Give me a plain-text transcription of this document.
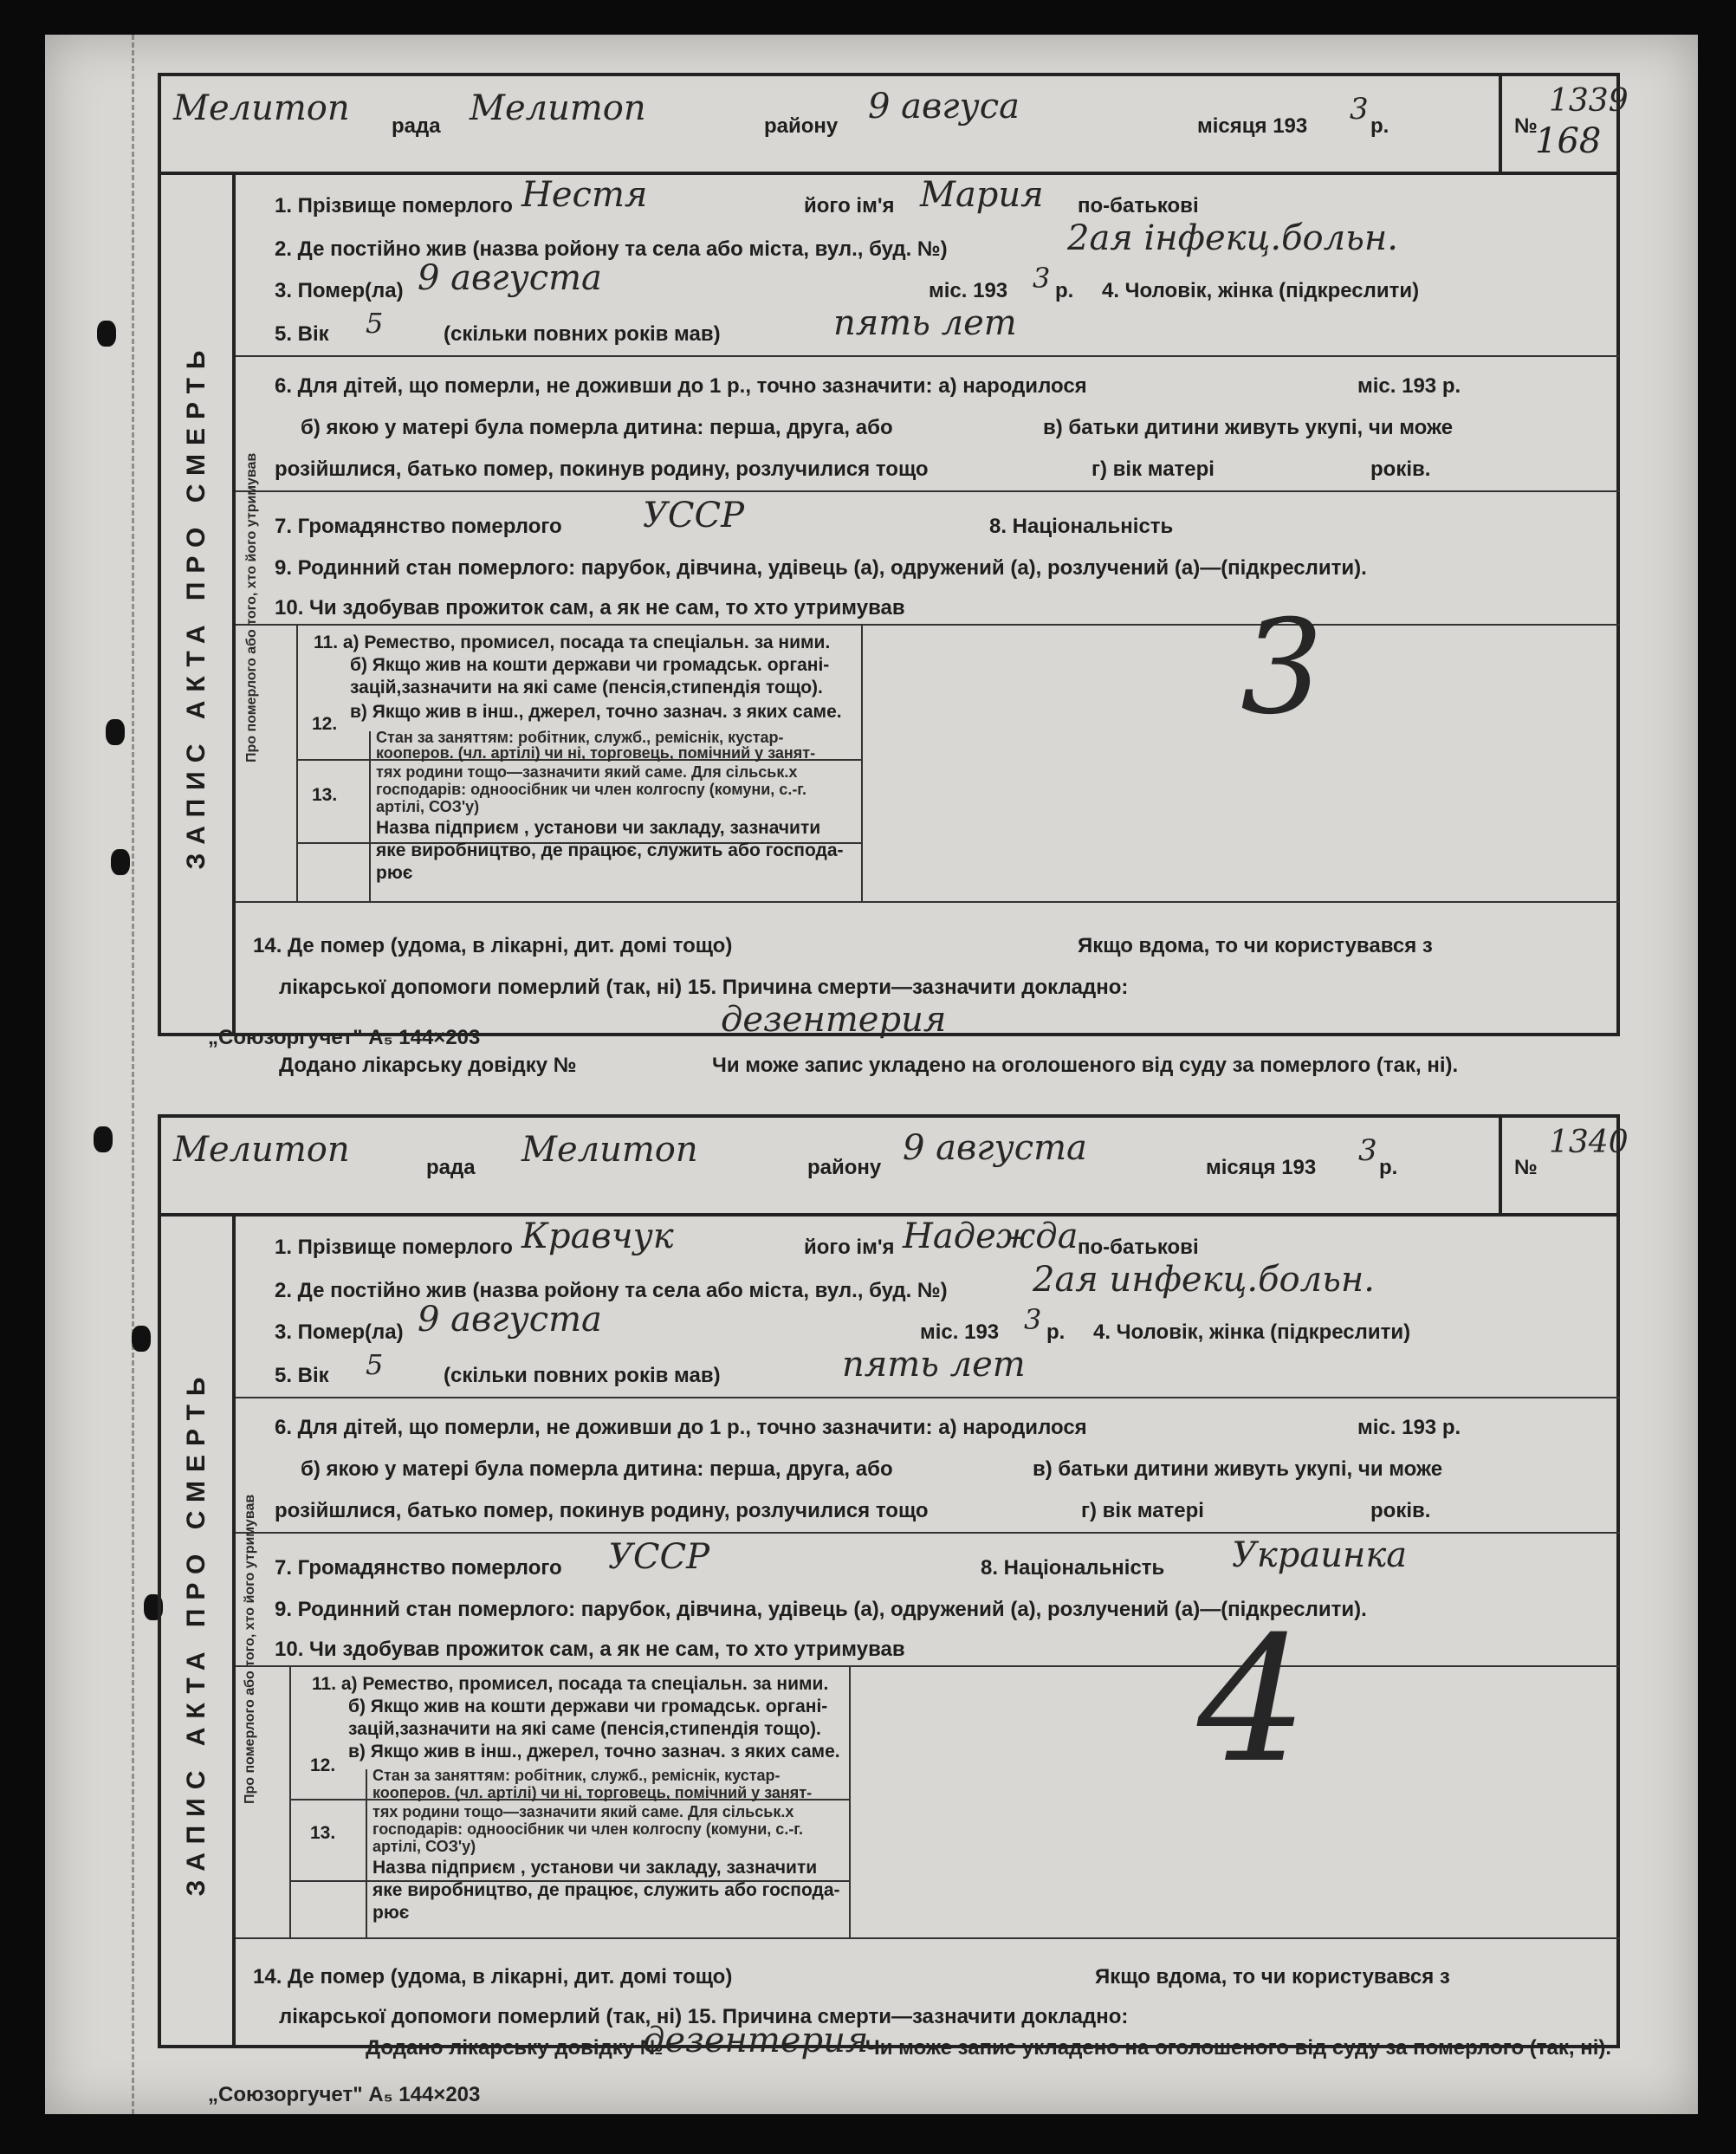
168
Мелитоп рада Мелитоп	району 9 авгуса	місяця 193 3 р.	№
1339
ЗАПИС АКТА ПРО СМЕРТЬ
1. Прізвище померлого Нестя	його ім'я Мария по-батькові
2. Де постійно жив (назва ройону та села або міста, вул., буд. №)	2ая інфекц.больн.
3. Помер(ла) 9 августа	міс. 193 3 р. 4. Чоловік, жінка (підкреслити)
5. Вік 5	(скільки повних років мав)	пять лет
6. Для дітей, що померли, не доживши до 1 р., точно зазначити: а) народилося	міс. 193 р.
б) якою у матері була померла дитина: перша, друга, або	в) батьки дитини живуть укупі, чи може
розійшлися, батько помер, покинув родину, розлучилися тощо	г) вік матері	років.
7. Громадянство померлого УССР	8. Національність
9. Родинний стан померлого: парубок, дівчина, удівець (а), одружений (а), розлучений (а)—(підкреслити).
10. Чи здобував прожиток сам, а як не сам, то хто утримував
Про померлого або того, хто його утримував	11. а) Ремество, промисел, посада та спеціальн. за ними.
б) Якщо жив на кошти держави чи громадськ. органі-
зацій,зазначити на які саме (пенсія,стипендія тощо).
в) Якщо жив в інш., джерел, точно зазнач. з яких саме.
12.
Стан за заняттям: робітник, служб., реміснік, кустар-
кооперов. (чл. артілі) чи ні, торговець, помічний у занят-
тях родини тощо—зазначити який саме. Для сільськ.х
господарів: одноосібник чи член колгоспу (комуни, с.-г.
артілі, СОЗ'у)
13.
Назва підприєм , установи чи закладу, зазначити
яке виробництво, де працює, служить або господа-
рює
3
14. Де помер (удома, в лікарні, дит. домі тощо)	Якщо вдома, то чи користувався з
лікарської допомоги померлий (так, ні) 15. Причина смерти—зазначити докладно:
дезентерия
Додано лікарську довідку №	Чи може запис укладено на оголошеного від суду за померлого (так, ні).
„Союзоргучет" А₅ 144×203
Мелитоп	рада Мелитоп	району 9 августа	місяця 193 3 р.	№
1340
ЗАПИС АКТА ПРО СМЕРТЬ
1. Прізвище померлого Кравчук	його ім'я Надежда по-батькові
2. Де постійно жив (назва ройону та села або міста, вул., буд. №) 2ая инфекц.больн.
3. Помер(ла) 9 августа	міс. 193 3 р. 4. Чоловік, жінка (підкреслити)
5. Вік 5	(скільки повних років мав)	пять лет
6. Для дітей, що померли, не доживши до 1 р., точно зазначити: а) народилося	міс. 193 р.
б) якою у матері була померла дитина: перша, друга, або	в) батьки дитини живуть укупі, чи може
розійшлися, батько помер, покинув родину, розлучилися тощо	г) вік матері	років.
7. Громадянство померлого УССР	8. Національність Украинка
9. Родинний стан померлого: парубок, дівчина, удівець (а), одружений (а), розлучений (а)—(підкреслити).
10. Чи здобував прожиток сам, а як не сам, то хто утримував
Про померлого або того, хто його утримував	11. а) Ремество, промисел, посада та спеціальн. за ними.
б) Якщо жив на кошти держави чи громадськ. органі-
зацій,зазначити на які саме (пенсія,стипендія тощо).
в) Якщо жив в інш., джерел, точно зазнач. з яких саме.
12. Стан за заняттям: робітник, служб., реміснік, кустар-
кооперов. (чл. артілі) чи ні, торговець, помічний у занят-
тях родини тощо—зазначити який саме. Для сільськ.х
господарів: одноосібник чи член колгоспу (комуни, с.-г.
артілі, СОЗ'у)
13.
Назва підприєм , установи чи закладу, зазначити
яке виробництво, де працює, служить або господа-
рює
4
14. Де помер (удома, в лікарні, дит. домі тощо)	Якщо вдома, то чи користувався з
лікарської допомоги померлий (так, ні) 15. Причина смерти—зазначити докладно:
дезентерия
Додано лікарську довідку №	Чи може запис укладено на оголошеного від суду за померлого (так, ні).
„Союзоргучет" А₅ 144×203
